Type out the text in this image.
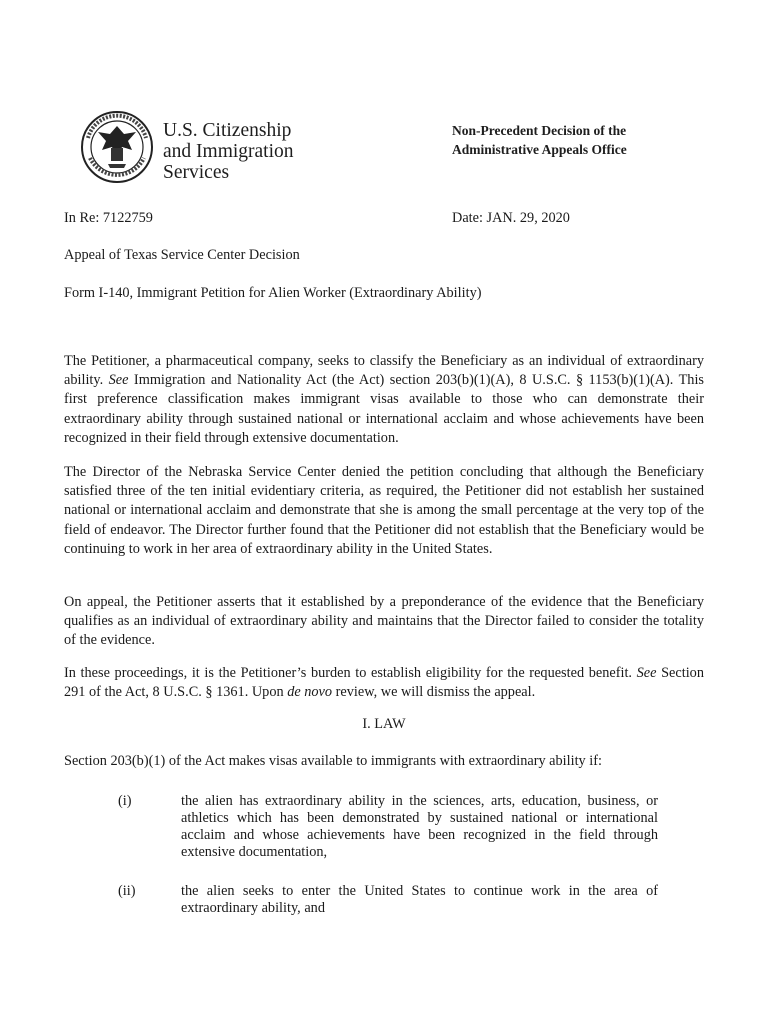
U.S. Citizenship
and Immigration
Services
Non-Precedent Decision of the
Administrative Appeals Office
In Re: 7122759	Date: JAN. 29, 2020
Appeal of Texas Service Center Decision
Form I-140, Immigrant Petition for Alien Worker (Extraordinary Ability)
The Petitioner, a pharmaceutical company, seeks to classify the Beneficiary as an individual of extraordinary ability. See Immigration and Nationality Act (the Act) section 203(b)(1)(A), 8 U.S.C. § 1153(b)(1)(A). This first preference classification makes immigrant visas available to those who can demonstrate their extraordinary ability through sustained national or international acclaim and whose achievements have been recognized in their field through extensive documentation.
The Director of the Nebraska Service Center denied the petition concluding that although the Beneficiary satisfied three of the ten initial evidentiary criteria, as required, the Petitioner did not establish her sustained national or international acclaim and demonstrate that she is among the small percentage at the very top of the field of endeavor. The Director further found that the Petitioner did not establish that the Beneficiary would be continuing to work in her area of extraordinary ability in the United States.
On appeal, the Petitioner asserts that it established by a preponderance of the evidence that the Beneficiary qualifies as an individual of extraordinary ability and maintains that the Director failed to consider the totality of the evidence.
In these proceedings, it is the Petitioner’s burden to establish eligibility for the requested benefit. See Section 291 of the Act, 8 U.S.C. § 1361. Upon de novo review, we will dismiss the appeal.
I. LAW
Section 203(b)(1) of the Act makes visas available to immigrants with extraordinary ability if:
(i)	the alien has extraordinary ability in the sciences, arts, education, business, or athletics which has been demonstrated by sustained national or international acclaim and whose achievements have been recognized in the field through extensive documentation,
(ii)	the alien seeks to enter the United States to continue work in the area of extraordinary ability, and
